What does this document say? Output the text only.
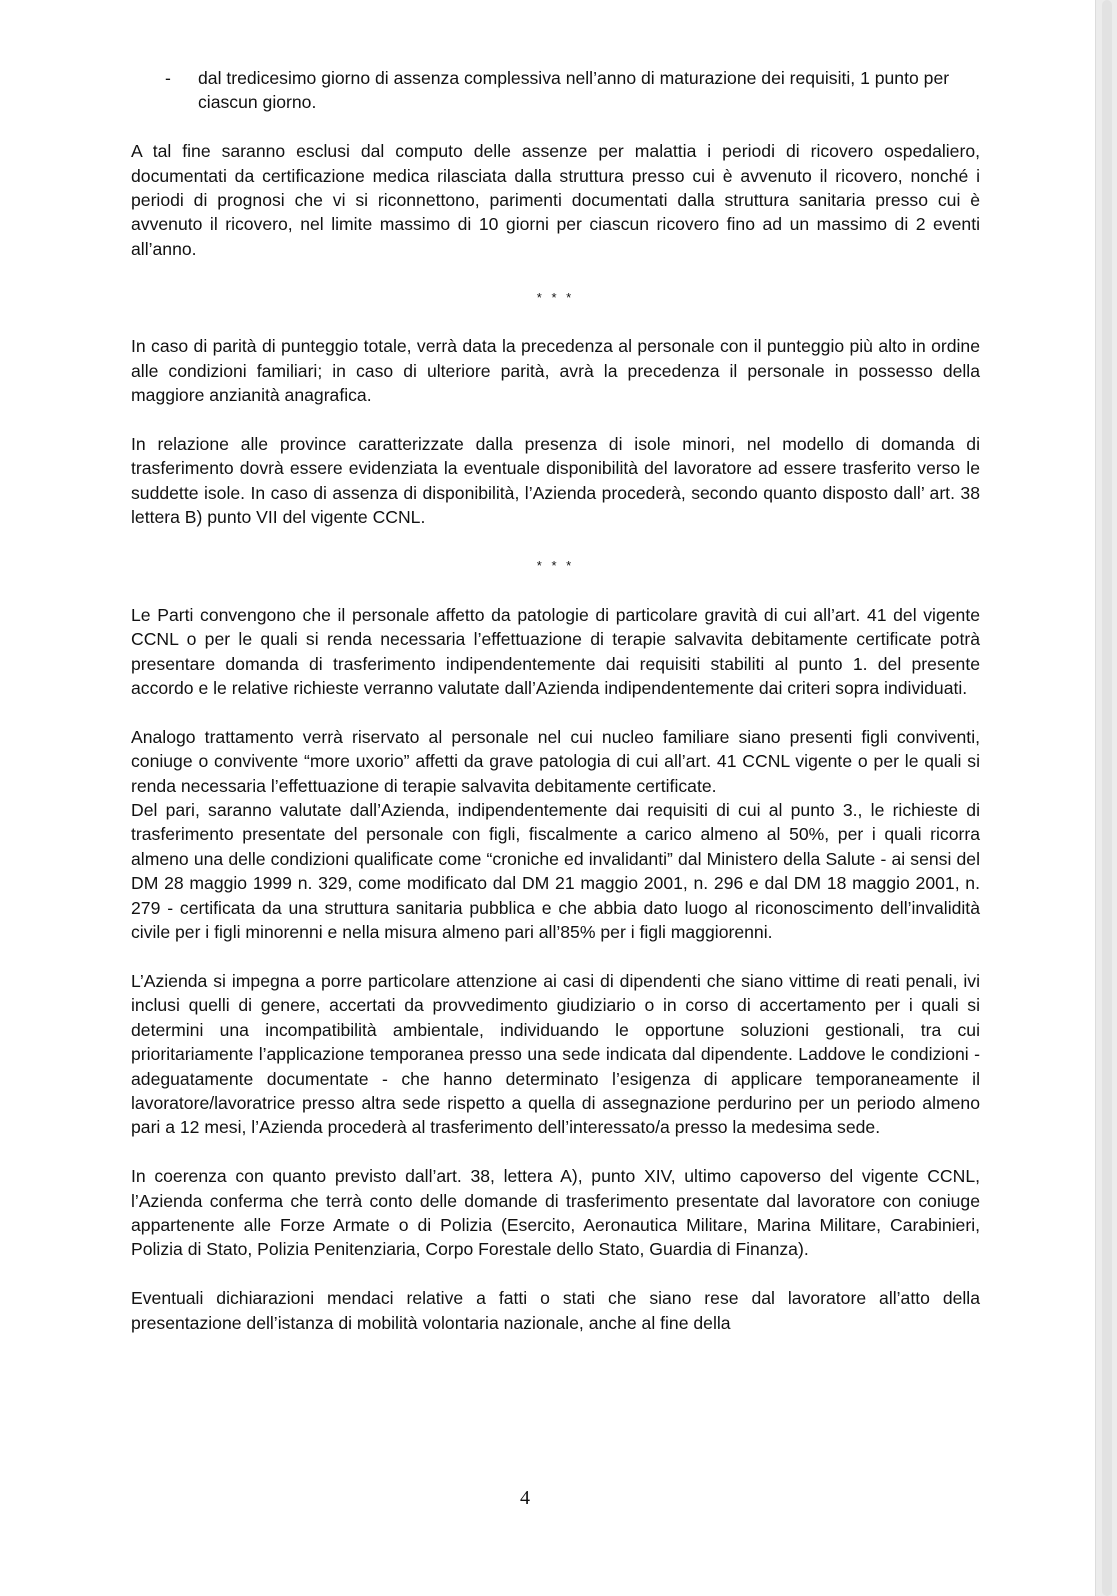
- dal tredicesimo giorno di assenza complessiva nell’anno di maturazione dei requisiti, 1 punto per ciascun giorno.

A tal fine saranno esclusi dal computo delle assenze per malattia i periodi di ricovero ospedaliero, documentati da certificazione medica rilasciata dalla struttura presso cui è avvenuto il ricovero, nonché i periodi di prognosi che vi si riconnettono, parimenti documentati dalla struttura sanitaria presso cui è avvenuto il ricovero, nel limite massimo di 10 giorni per ciascun ricovero fino ad un massimo di 2 eventi all’anno.

* * *

In caso di parità di punteggio totale, verrà data la precedenza al personale con il punteggio più alto in ordine alle condizioni familiari; in caso di ulteriore parità, avrà la precedenza il personale in possesso della maggiore anzianità anagrafica.

In relazione alle province caratterizzate dalla presenza di isole minori, nel modello di domanda di trasferimento dovrà essere evidenziata la eventuale disponibilità del lavoratore ad essere trasferito verso le suddette isole. In caso di assenza di disponibilità, l’Azienda procederà, secondo quanto disposto dall’ art. 38 lettera B) punto VII del vigente CCNL.

* * *

Le Parti convengono che il personale affetto da patologie di particolare gravità di cui all’art. 41 del vigente CCNL o per le quali si renda necessaria l’effettuazione di terapie salvavita debitamente certificate potrà presentare domanda di trasferimento indipendentemente dai requisiti stabiliti al punto 1. del presente accordo e le relative richieste verranno valutate dall’Azienda indipendentemente dai criteri sopra individuati.

Analogo trattamento verrà riservato al personale nel cui nucleo familiare siano presenti figli conviventi, coniuge o convivente “more uxorio” affetti da grave patologia di cui all’art. 41 CCNL vigente o per le quali si renda necessaria l’effettuazione di terapie salvavita debitamente certificate.

Del pari, saranno valutate dall’Azienda, indipendentemente dai requisiti di cui al punto 3., le richieste di trasferimento presentate del personale con figli, fiscalmente a carico almeno al 50%, per i quali ricorra almeno una delle condizioni qualificate come “croniche ed invalidanti” dal Ministero della Salute - ai sensi del DM 28 maggio 1999 n. 329, come modificato dal DM 21 maggio 2001, n. 296 e dal DM 18 maggio 2001, n. 279 - certificata da una struttura sanitaria pubblica e che abbia dato luogo al riconoscimento dell’invalidità civile per i figli minorenni e nella misura almeno pari all’85% per i figli maggiorenni.

L’Azienda si impegna a porre particolare attenzione ai casi di dipendenti che siano vittime di reati penali, ivi inclusi quelli di genere, accertati da provvedimento giudiziario o in corso di accertamento per i quali si determini una incompatibilità ambientale, individuando le opportune soluzioni gestionali, tra cui prioritariamente l’applicazione temporanea presso una sede indicata dal dipendente. Laddove le condizioni - adeguatamente documentate - che hanno determinato l’esigenza di applicare temporaneamente il lavoratore/lavoratrice presso altra sede rispetto a quella di assegnazione perdurino per un periodo almeno pari a 12 mesi, l’Azienda procederà al trasferimento dell’interessato/a presso la medesima sede.

In coerenza con quanto previsto dall’art. 38, lettera A), punto XIV, ultimo capoverso del vigente CCNL, l’Azienda conferma che terrà conto delle domande di trasferimento presentate dal lavoratore con coniuge appartenente alle Forze Armate o di Polizia (Esercito, Aeronautica Militare, Marina Militare, Carabinieri, Polizia di Stato, Polizia Penitenziaria, Corpo Forestale dello Stato, Guardia di Finanza).

Eventuali dichiarazioni mendaci relative a fatti o stati che siano rese dal lavoratore all’atto della presentazione dell’istanza di mobilità volontaria nazionale, anche al fine della

4
